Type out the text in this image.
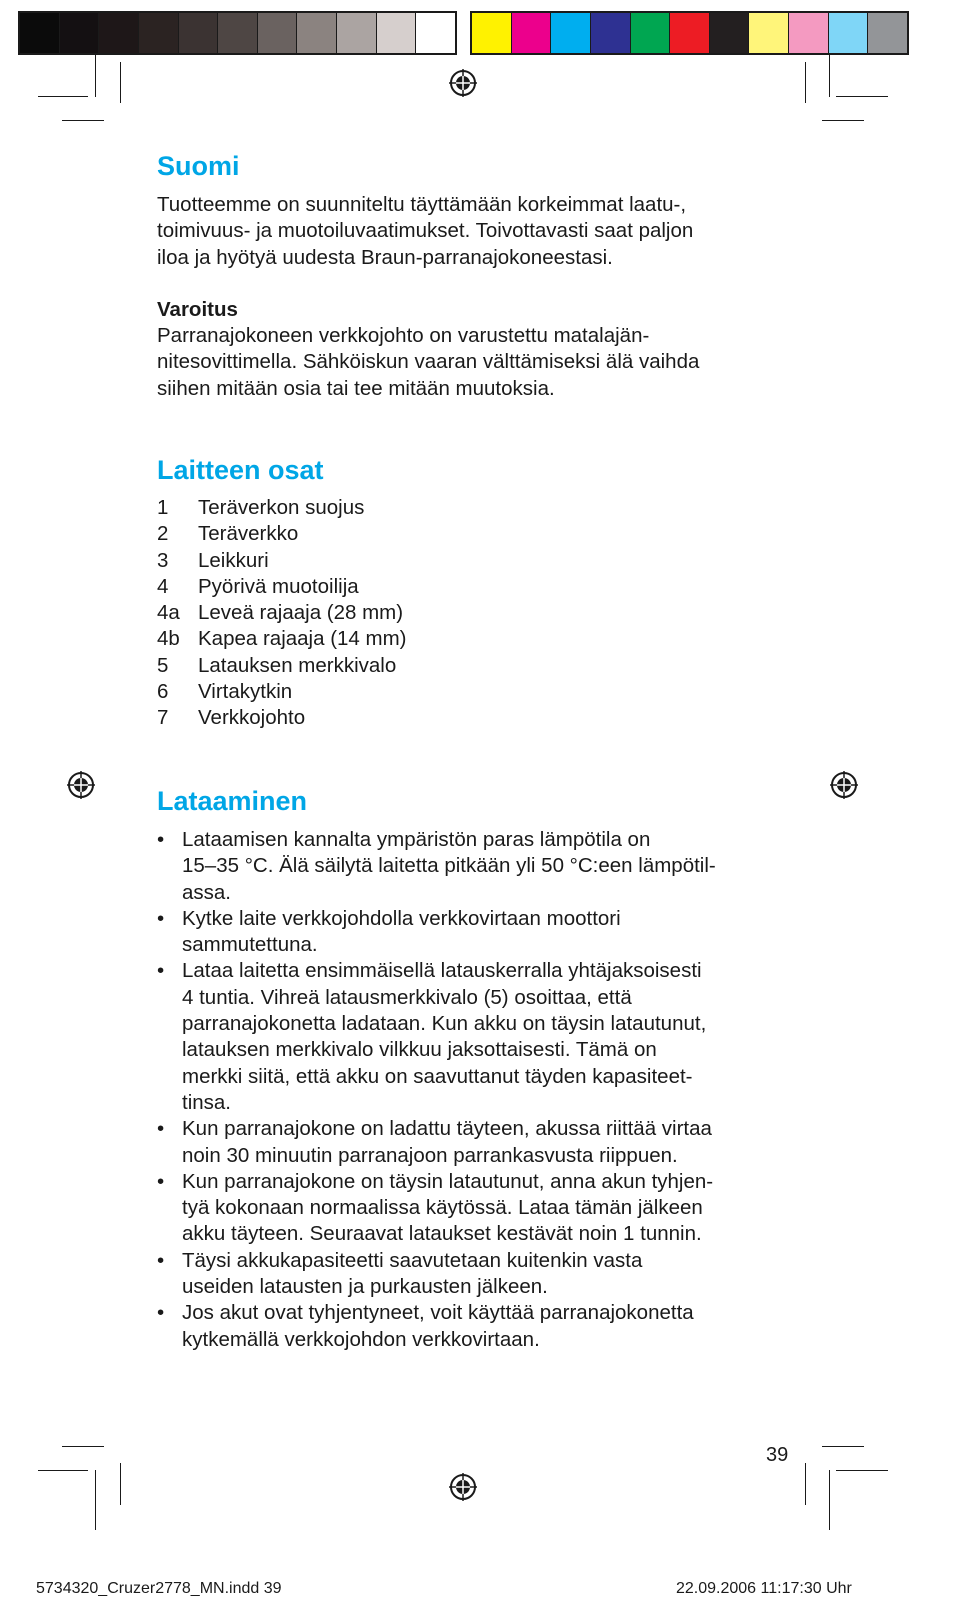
Suomi

Tuotteemme on suunniteltu täyttämään korkeimmat laatu-,
toimivuus- ja muotoiluvaatimukset. Toivottavasti saat paljon
iloa ja hyötyä uudesta Braun-parranajokoneestasi.

Varoitus

Parranajokoneen verkkojohto on varustettu matalajän-
nitesovittimella. Sähköiskun vaaran välttämiseksi älä vaihda
siihen mitään osia tai tee mitään muutoksia.

Laitteen osat
1	Teräverkon suojus
2	Teräverkko
3	Leikkuri
4	Pyörivä muotoilija
4a Leveä rajaaja (28 mm)
4b Kapea rajaaja (14 mm)
5	Latauksen merkkivalo
6	Virtakytkin
7	Verkkojohto
Lataaminen
• Lataamisen kannalta ympäristön paras lämpötila on
15–35 °C. Älä säilytä laitetta pitkään yli 50 °C:een lämpötil-
assa.
• Kytke laite verkkojohdolla verkkovirtaan moottori
sammutettuna.
• Lataa laitetta ensimmäisellä latauskerralla yhtäjaksoisesti
4 tuntia. Vihreä latausmerkkivalo (5) osoittaa, että
parranajokonetta ladataan. Kun akku on täysin latautunut,
latauksen merkkivalo vilkkuu jaksottaisesti. Tämä on
merkki siitä, että akku on saavuttanut täyden kapasiteet-
tinsa.
• Kun parranajokone on ladattu täyteen, akussa riittää virtaa
noin 30 minuutin parranajoon parrankasvusta riippuen.
• Kun parranajokone on täysin latautunut, anna akun tyhjen-
tyä kokonaan normaalissa käytössä. Lataa tämän jälkeen
akku täyteen. Seuraavat lataukset kestävät noin 1 tunnin.
• Täysi akkukapasiteetti saavutetaan kuitenkin vasta
useiden latausten ja purkausten jälkeen.
• Jos akut ovat tyhjentyneet, voit käyttää parranajokonetta
kytkemällä verkkojohdon verkkovirtaan.
39
5734320_Cruzer2778_MN.indd 39	22.09.2006 11:17:30 Uhr
